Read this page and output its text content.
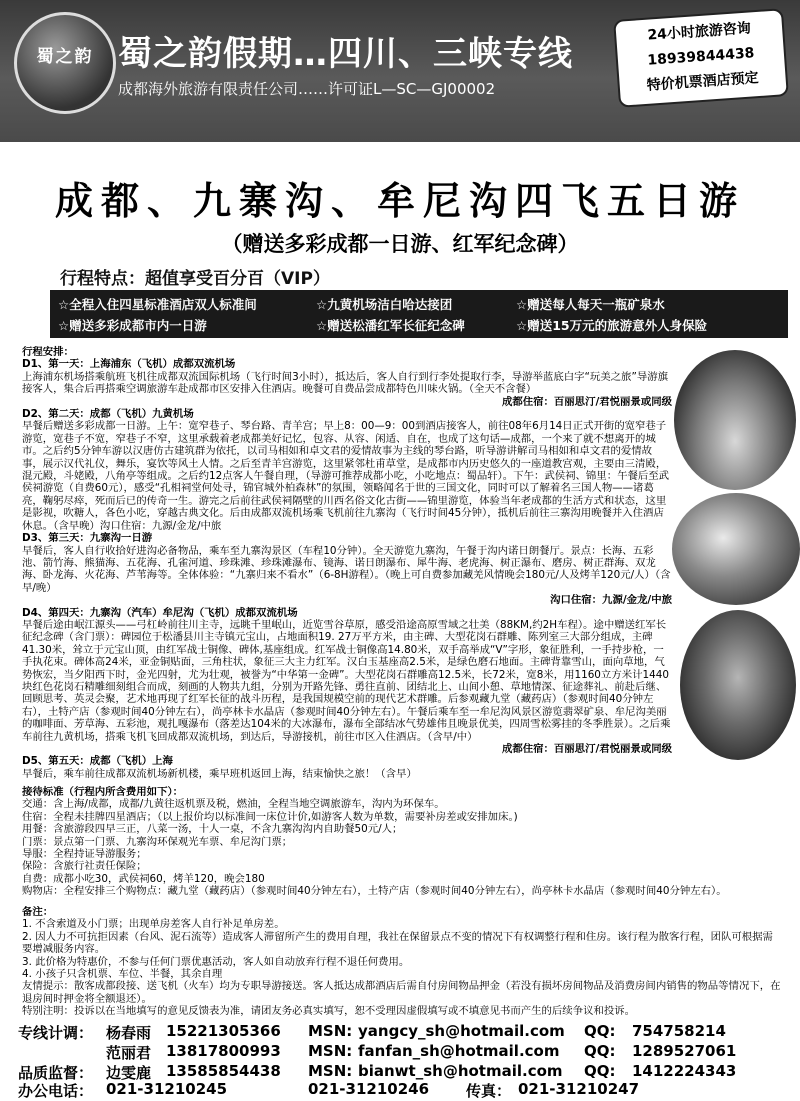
蜀之韵 蜀之韵假期…四川、三峡专线
成都海外旅游有限责任公司……许可证L—SC—GJ00002
24小时旅游咨询
18939844438
特价机票酒店预定
成都、九寨沟、牟尼沟四飞五日游
（赠送多彩成都一日游、红军纪念碑）
行程特点：超值享受百分百（VIP）
☆全程入住四星标准酒店双人标准间	☆九黄机场洁白哈达接团	☆赠送每人每天一瓶矿泉水
☆赠送多彩成都市内一日游	☆赠送松潘红军长征纪念碑	☆赠送15万元的旅游意外人身保险

行程安排：

D1、第一天：上海浦东（飞机）成都双流机场

上海浦东机场搭乘航班飞机往成都双流国际机场（飞行时间3小时），抵达后，客人自行到行李处提取行李，导游举蓝底白字“玩美之旅”导游旗接客人，集合后再搭乘空调旅游车赴成都市区安排入住酒店。晚餐可自费品尝成都特色川味火锅。（全天不含餐）

成都住宿：百丽思汀/君悦丽景或同级

D2、第二天：成都（飞机）九黄机场

早餐后赠送多彩成都一日游。上午：宽窄巷子、琴台路、青羊宫；早上8：00—9：00到酒店接客人，前往08年6月14日正式开街的宽窄巷子游览，宽巷子不宽，窄巷子不窄，这里承载着老成都美好记忆，包容、从容、闲适、自在，也成了这句话—成都，一个来了就不想离开的城市。之后约5分钟车游以汉唐仿古建筑群为依托，以司马相如和卓文君的爱情故事为主线的琴台路，听导游讲解司马相如和卓文君的爱情故事，展示汉代礼仪，舞乐，宴饮等风土人情。之后至青羊宫游览，这里紧邻杜甫草堂，是成都市内历史悠久的一座道教宫观，主要由三清殿，混元殿，斗姥殿，八角亭等组成。之后约12点客人午餐自理，（导游可推荐成都小吃，小吃地点：蜀品轩）。下午：武侯祠、锦里：午餐后至武侯祠游览（自费60元），感受“孔相祠堂何处寻，锦官城外柏森林”的氛围，领略闻名于世的三国文化，同时可以了解着名三国人物——诸葛亮，鞠躬尽瘁，死而后已的传奇一生。游完之后前往武侯祠隔壁的川西名俗文化古街——锦里游览，体验当年老成都的生活方式和状态，这里是影视，吹糖人，各色小吃，穿越古典文化。后由成都双流机场乘飞机前往九寨沟（飞行时间45分钟），抵机后前往三寨沟用晚餐并入住酒店休息。（含早晚）沟口住宿：九源/金龙/中旅

D3、第三天：九寨沟一日游

早餐后，客人自行收拾好进沟必备物品，乘车至九寨沟景区（车程10分钟）。全天游览九寨沟，午餐于沟内诺日朗餐厅。景点：长海、五彩池、箭竹海、熊猫海、五花海、孔雀河道、珍珠滩、珍珠滩瀑布、镜海、诺日朗瀑布、犀牛海、老虎海、树正瀑布、磨房、树正群海、双龙海、卧龙海、火花海、芦苇海等。全体体验：“九寨归来不看水”（6-8H游程）。（晚上可自费参加藏羌风情晚会180元/人及烤羊120元/人）（含早/晚）

沟口住宿：九源/金龙/中旅

D4、第四天：九寨沟（汽车）牟尼沟（飞机）成都双流机场

早餐后途由岷江源头——弓杠岭前往川主寺，远眺千里岷山，近览雪谷草原，感受沿途高原雪域之壮美（88KM,约2H车程）。途中赠送红军长征纪念碑（含门票）：碑园位于松潘县川主寺镇元宝山，占地面积19. 27万平方米，由主碑、大型花岗石群雕、陈列室三大部分组成，主碑41.30米，耸立于元宝山顶，由红军战士铜像、碑体,基座组成。红军战士铜像高14.80米，双手高举成“V”字形，象征胜利，一手持步枪，一手执花束。碑体高24米，亚金铜贴面，三角柱状，象征三大主力红军。汉白玉基座高2.5米，是绿色磨石地面。主碑背靠雪山，面向草地，气势恢宏，当夕阳西下时，金光四射，尤为壮观，被誉为“中华第一金碑”。大型花岗石群雕高12.5米，长72米，宽8米，用1160立方米计1440块红色花岗石精雕细刻组合而成，刻画的人物共九组，分别为开路先锋、勇往直前、团结北上、山间小憩、草地情深、征途葬礼、前赴后继、回顾思考、英灵会聚，艺术地再现了红军长征的战斗历程，是我国规模空前的现代艺术群雕。后参观藏九堂（藏药店）（参观时间40分钟左右），土特产店（参观时间40分钟左右），尚亭林卡水晶店（参观时间40分钟左右）。午餐后乘车至一牟尼沟风景区游览翡翠矿泉、牟尼沟美丽的咖啡面、芳草海、五彩池，观扎嘎瀑布（落差达104米的大冰瀑布，瀑布全部结冰气势雄伟且晚景优美，四周雪松雾挂的冬季胜景）。之后乘车前往九黄机场，搭乘飞机飞回成都双流机场，到达后，导游接机，前往市区入住酒店。（含早/中）

成都住宿：百丽思汀/君悦丽景或同级

D5、第五天：成都（飞机）上海

早餐后，乘车前往成都双流机场新机楼，乘早班机返回上海，结束愉快之旅！（含早）

接待标准（行程内所含费用如下）：

交通：含上海/成都，成都/九黄往返机票及税，燃油，全程当地空调旅游车，沟内为环保车。

住宿：全程未挂牌四星酒店；（以上报价均以标准间一床位计价,如游客人数为单数，需要补房差或安排加床。)

用餐：含旅游段四早三正，八菜一汤，十人一桌，不含九寨沟沟内自助餐50元/人；

门票：景点第一门票、九寨沟环保观光车票、牟尼沟门票；

导服：全程持证导游服务；

保险：含旅行社责任保险；

自费：成都小吃30，武侯祠60，烤羊120，晚会180

购物店：全程安排三个购物点：藏九堂（藏药店）（参观时间40分钟左右），土特产店（参观时间40分钟左右），尚亭林卡水晶店（参观时间40分钟左右）。

备注：

1. 不含索道及小门票；出现单房差客人自行补足单房差。

2. 因人力不可抗拒因素（台风、泥石流等）造成客人滞留所产生的费用自理，我社在保留景点不变的情况下有权调整行程和住房。该行程为散客行程，团队可根据需要增减服务内容。

3. 此价格为特惠价，不参与任何门票优惠活动，客人如自动放弃行程不退任何费用。

4. 小孩子只含机票、车位、半餐，其余自理

友情提示：散客成都段接、送飞机（火车）均为专职导游接送。客人抵达成都酒店后需自付房间物品押金（若没有损坏房间物品及消费房间内销售的物品等情况下，在退房间时押金将全额退还）。

特别注明：投诉以在当地填写的意见反馈表为准，请团友务必真实填写，恕不受理因虚假填写或不填意见书而产生的后续争议和投诉。

专线计调： 杨春雨 15221305366 MSN: yangcy_sh@hotmail.com QQ: 754758214
范丽君 13817800993 MSN: fanfan_sh@hotmail.com QQ: 1289527061
品质监督： 边雯鹿 13585854438 MSN: bianwt_sh@hotmail.com QQ: 1412224343
办公电话： 021-31210245	021-31210246 传真： 021-31210247
